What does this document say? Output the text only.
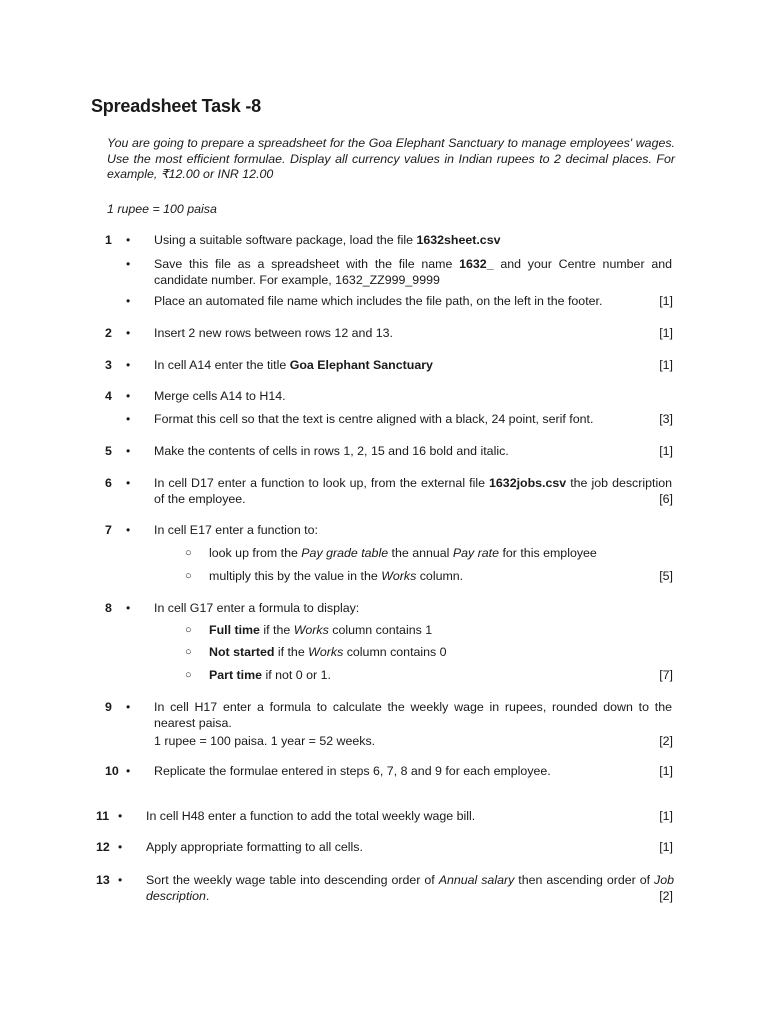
Spreadsheet Task -8
You are going to prepare a spreadsheet for the Goa Elephant Sanctuary to manage employees' wages. Use the most efficient formulae. Display all currency values in Indian rupees to 2 decimal places. For example, ₹12.00 or INR 12.00
1 rupee = 100 paisa
1 • Using a suitable software package, load the file 1632sheet.csv
• Save this file as a spreadsheet with the file name 1632_ and your Centre number and candidate number. For example, 1632_ZZ999_9999
• Place an automated file name which includes the file path, on the left in the footer.	[1]
2 • Insert 2 new rows between rows 12 and 13.	[1]
3 • In cell A14 enter the title Goa Elephant Sanctuary	[1]
4 • Merge cells A14 to H14.
• Format this cell so that the text is centre aligned with a black, 24 point, serif font.	[3]
5 • Make the contents of cells in rows 1, 2, 15 and 16 bold and italic.	[1]
6 • In cell D17 enter a function to look up, from the external file 1632jobs.csv the job description of the employee.	[6]
7 • In cell E17 enter a function to:
○ look up from the Pay grade table the annual Pay rate for this employee
○ multiply this by the value in the Works column.	[5]
8 • In cell G17 enter a formula to display:
○ Full time if the Works column contains 1
○ Not started if the Works column contains 0
○ Part time if not 0 or 1.	[7]
9 • In cell H17 enter a formula to calculate the weekly wage in rupees, rounded down to the nearest paisa.
1 rupee = 100 paisa. 1 year = 52 weeks.	[2]
10 • Replicate the formulae entered in steps 6, 7, 8 and 9 for each employee.	[1]
11 • In cell H48 enter a function to add the total weekly wage bill.	[1]
12 • Apply appropriate formatting to all cells.	[1]
13 • Sort the weekly wage table into descending order of Annual salary then ascending order of Job description.	[2]
